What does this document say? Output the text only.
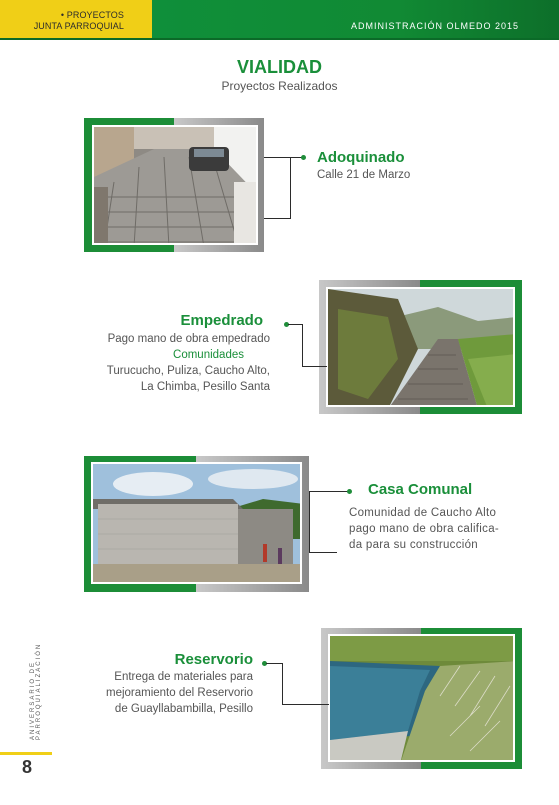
• PROYECTOS
JUNTA PARROQUIAL	ADMINISTRACIÓN OLMEDO 2015
VIALIDAD
Proyectos Realizados
Adoquinado
Calle 21 de Marzo
Empedrado
Pago mano de obra empedrado
Comunidades
Turucucho, Puliza, Caucho Alto,
La Chimba, Pesillo Santa
Casa Comunal
Comunidad de Caucho Alto
pago mano de obra califica-
da para su construcción
Reservorio
Entrega de materiales para
mejoramiento del Reservorio
de Guayllabambilla, Pesillo
ANIVERSARIO DE PARROQUIALIZACIÓN
8
